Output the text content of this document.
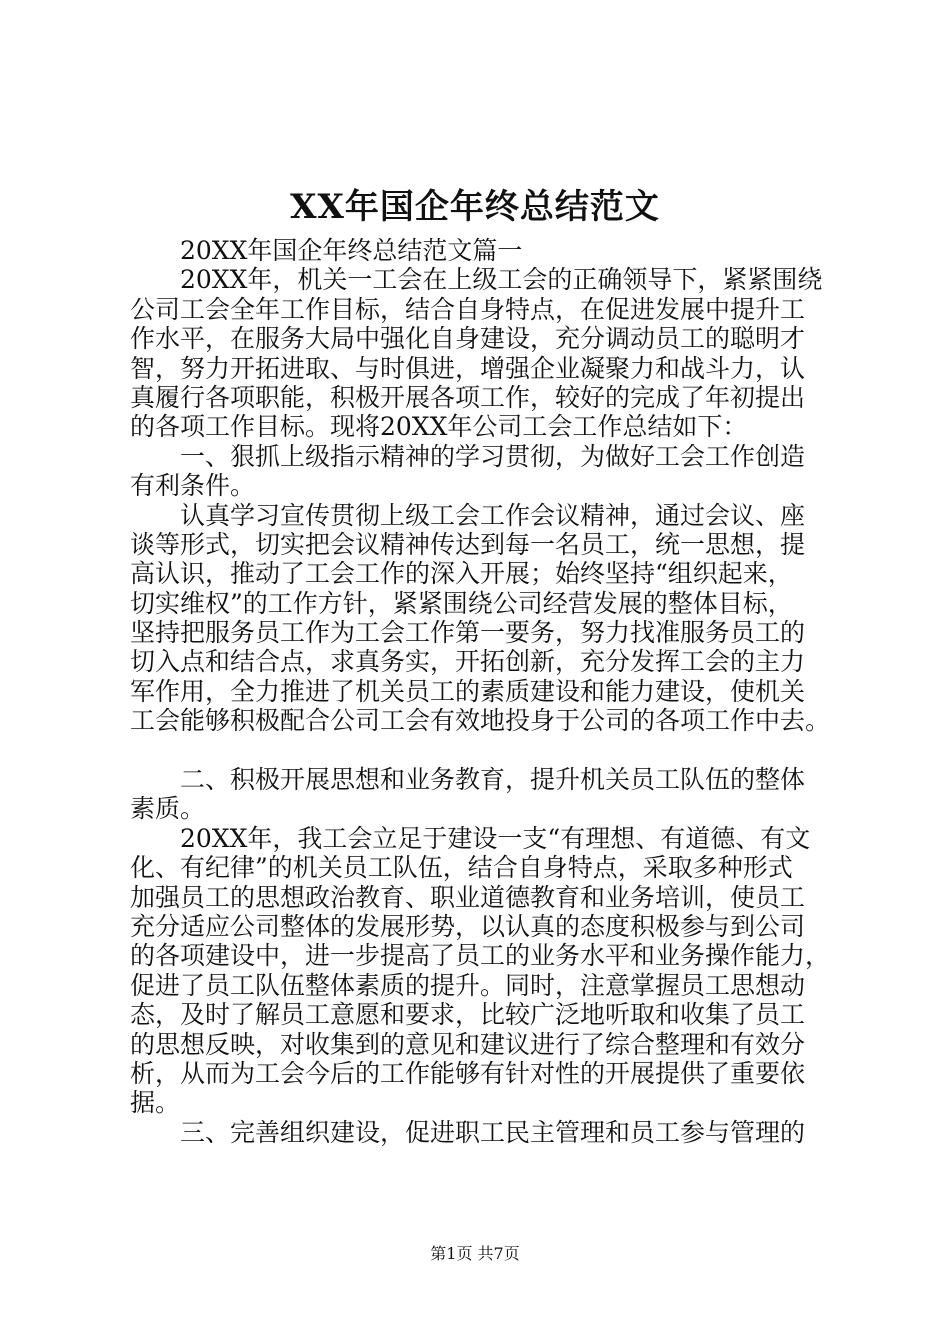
XX年国企年终总结范文
　　20XX年国企年终总结范文篇一
　　20XX年，机关一工会在上级工会的正确领导下，紧紧围绕
公司工会全年工作目标，结合自身特点，在促进发展中提升工
作水平，在服务大局中强化自身建设，充分调动员工的聪明才
智，努力开拓进取、与时俱进，增强企业凝聚力和战斗力，认
真履行各项职能，积极开展各项工作，较好的完成了年初提出
的各项工作目标。现将20XX年公司工会工作总结如下：
　　一、狠抓上级指示精神的学习贯彻，为做好工会工作创造
有利条件。
　　认真学习宣传贯彻上级工会工作会议精神，通过会议、座
谈等形式，切实把会议精神传达到每一名员工，统一思想，提
高认识，推动了工会工作的深入开展；始终坚持“组织起来，
切实维权”的工作方针，紧紧围绕公司经营发展的整体目标，
坚持把服务员工作为工会工作第一要务，努力找准服务员工的
切入点和结合点，求真务实，开拓创新，充分发挥工会的主力
军作用，全力推进了机关员工的素质建设和能力建设，使机关
工会能够积极配合公司工会有效地投身于公司的各项工作中去。
　　二、积极开展思想和业务教育，提升机关员工队伍的整体
素质。
　　20XX年，我工会立足于建设一支“有理想、有道德、有文
化、有纪律”的机关员工队伍，结合自身特点，采取多种形式
加强员工的思想政治教育、职业道德教育和业务培训，使员工
充分适应公司整体的发展形势，以认真的态度积极参与到公司
的各项建设中，进一步提高了员工的业务水平和业务操作能力，
促进了员工队伍整体素质的提升。同时，注意掌握员工思想动
态，及时了解员工意愿和要求，比较广泛地听取和收集了员工
的思想反映，对收集到的意见和建议进行了综合整理和有效分
析，从而为工会今后的工作能够有针对性的开展提供了重要依
据。
　　三、完善组织建设，促进职工民主管理和员工参与管理的
第1页 共7页
